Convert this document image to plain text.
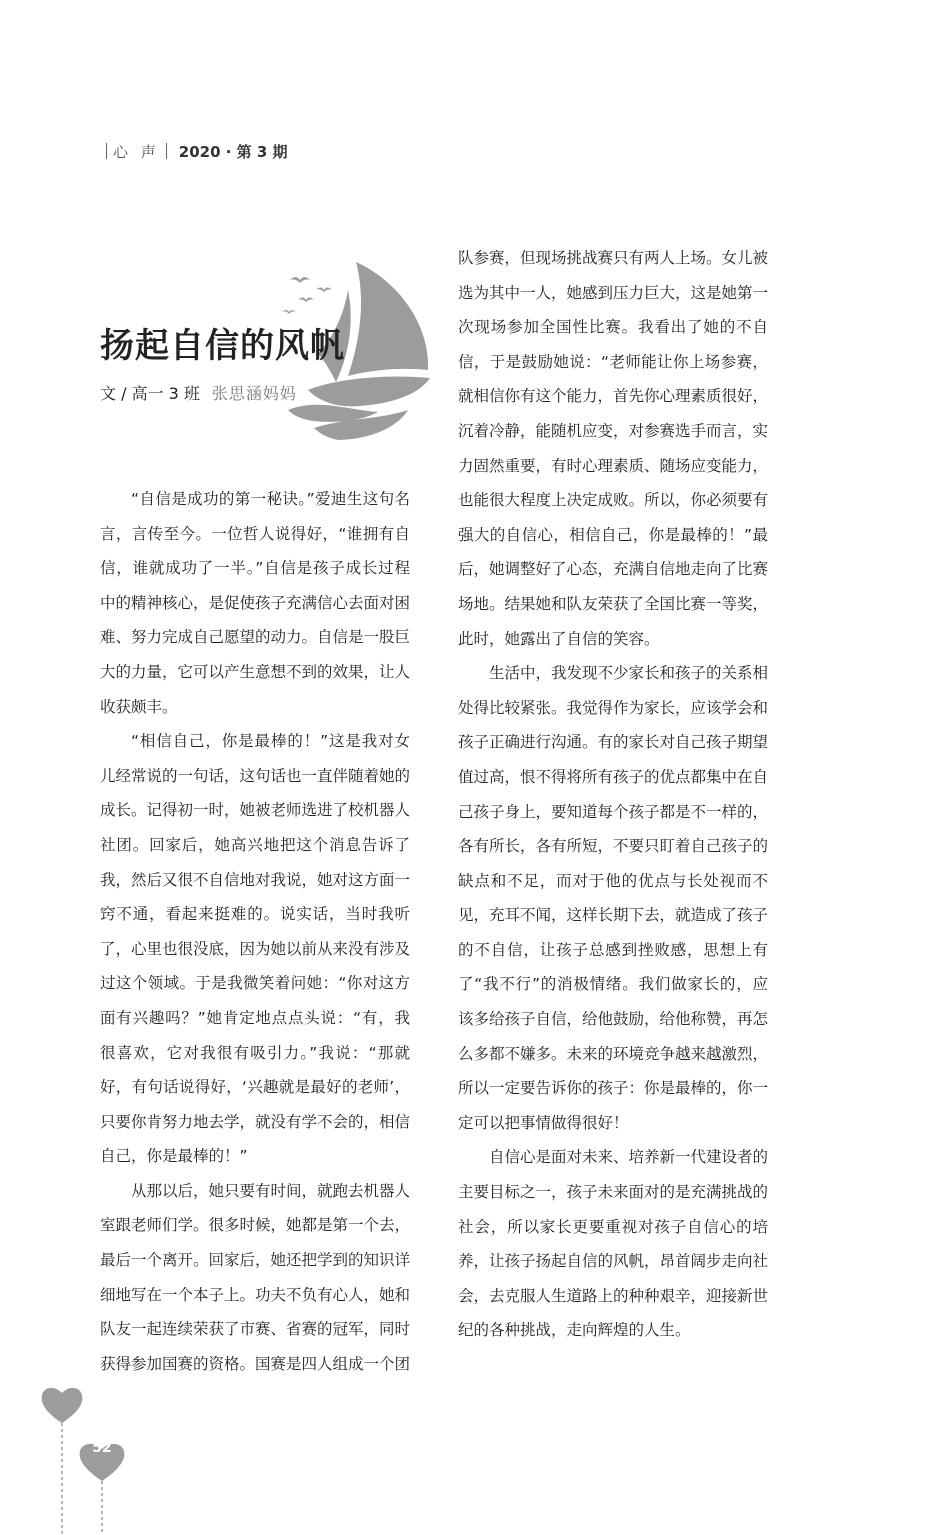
心 声 2020 · 第 3 期
扬起自信的风帆
文 / 高一 3 班 张思涵妈妈

“自信是成功的第一秘诀。”爱迪生这句名言，言传至今。一位哲人说得好，“谁拥有自信，谁就成功了一半。”自信是孩子成长过程中的精神核心，是促使孩子充满信心去面对困难、努力完成自己愿望的动力。自信是一股巨大的力量，它可以产生意想不到的效果，让人收获颇丰。

“相信自己，你是最棒的！”这是我对女儿经常说的一句话，这句话也一直伴随着她的成长。记得初一时，她被老师选进了校机器人社团。回家后，她高兴地把这个消息告诉了我，然后又很不自信地对我说，她对这方面一窍不通，看起来挺难的。说实话，当时我听了，心里也很没底，因为她以前从来没有涉及过这个领域。于是我微笑着问她：“你对这方面有兴趣吗？”她肯定地点点头说：“有，我很喜欢，它对我很有吸引力。”我说：“那就好，有句话说得好，‘兴趣就是最好的老师’，只要你肯努力地去学，就没有学不会的，相信自己，你是最棒的！”

从那以后，她只要有时间，就跑去机器人室跟老师们学。很多时候，她都是第一个去，最后一个离开。回家后，她还把学到的知识详细地写在一个本子上。功夫不负有心人，她和队友一起连续荣获了市赛、省赛的冠军，同时获得参加国赛的资格。国赛是四人组成一个团

队参赛，但现场挑战赛只有两人上场。女儿被选为其中一人，她感到压力巨大，这是她第一次现场参加全国性比赛。我看出了她的不自信，于是鼓励她说：“老师能让你上场参赛，就相信你有这个能力，首先你心理素质很好，沉着冷静，能随机应变，对参赛选手而言，实力固然重要，有时心理素质、随场应变能力，也能很大程度上决定成败。所以，你必须要有强大的自信心，相信自己，你是最棒的！”最后，她调整好了心态，充满自信地走向了比赛场地。结果她和队友荣获了全国比赛一等奖，此时，她露出了自信的笑容。

生活中，我发现不少家长和孩子的关系相处得比较紧张。我觉得作为家长，应该学会和孩子正确进行沟通。有的家长对自己孩子期望值过高，恨不得将所有孩子的优点都集中在自己孩子身上，要知道每个孩子都是不一样的，各有所长，各有所短，不要只盯着自己孩子的缺点和不足，而对于他的优点与长处视而不见，充耳不闻，这样长期下去，就造成了孩子的不自信，让孩子总感到挫败感，思想上有了“我不行”的消极情绪。我们做家长的，应该多给孩子自信，给他鼓励，给他称赞，再怎么多都不嫌多。未来的环境竞争越来越激烈，所以一定要告诉你的孩子：你是最棒的，你一定可以把事情做得很好！

自信心是面对未来、培养新一代建设者的主要目标之一，孩子未来面对的是充满挑战的社会，所以家长更要重视对孩子自信心的培养，让孩子扬起自信的风帆，昂首阔步走向社会，去克服人生道路上的种种艰辛，迎接新世纪的各种挑战，走向辉煌的人生。

52
